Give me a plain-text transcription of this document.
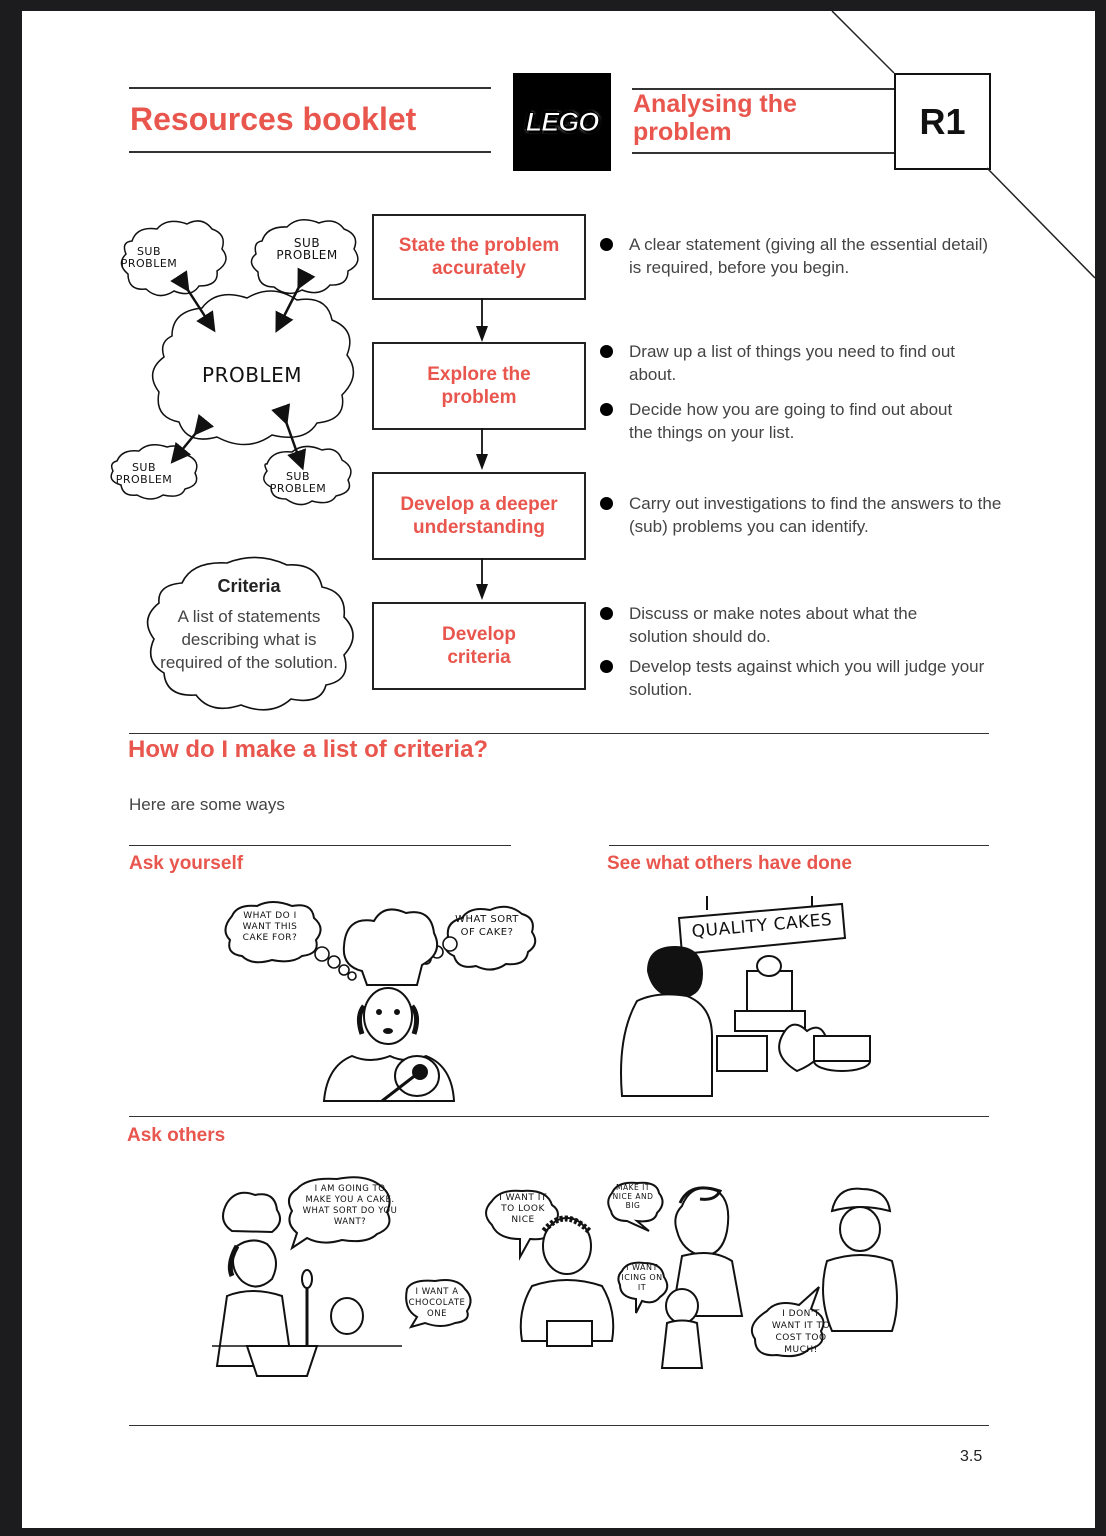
Resources booklet	LEGO
Analysing the
problem	R1
SUB
PROBLEM
SUB
PROBLEM
PROBLEM
SUB
PROBLEM	SUB
PROBLEM
Criteria
A list of statements describing what is required of the solution.
State the problem accurately
Explore the problem
Develop a deeper understanding
Develop criteria
A clear statement (giving all the essential detail) is required, before you begin.
Draw up a list of things you need to find out about.
Decide how you are going to find out about the things on your list.
Carry out investigations to find the answers to the (sub) problems you can identify.
Discuss or make notes about what the solution should do.
Develop tests against which you will judge your solution.
How do I make a list of criteria?
Here are some ways
Ask yourself	See what others have done
WHAT DO I WANT THIS CAKE FOR?
WHAT SORT OF CAKE?	QUALITY CAKES
Ask others
I AM GOING TO MAKE YOU A CAKE. WHAT SORT DO YOU WANT?
I WANT A CHOCOLATE ONE
I WANT IT TO LOOK NICE
MAKE IT NICE AND BIG
I WANT ICING ON IT
I DON'T WANT IT TO COST TOO MUCH!
3.5
